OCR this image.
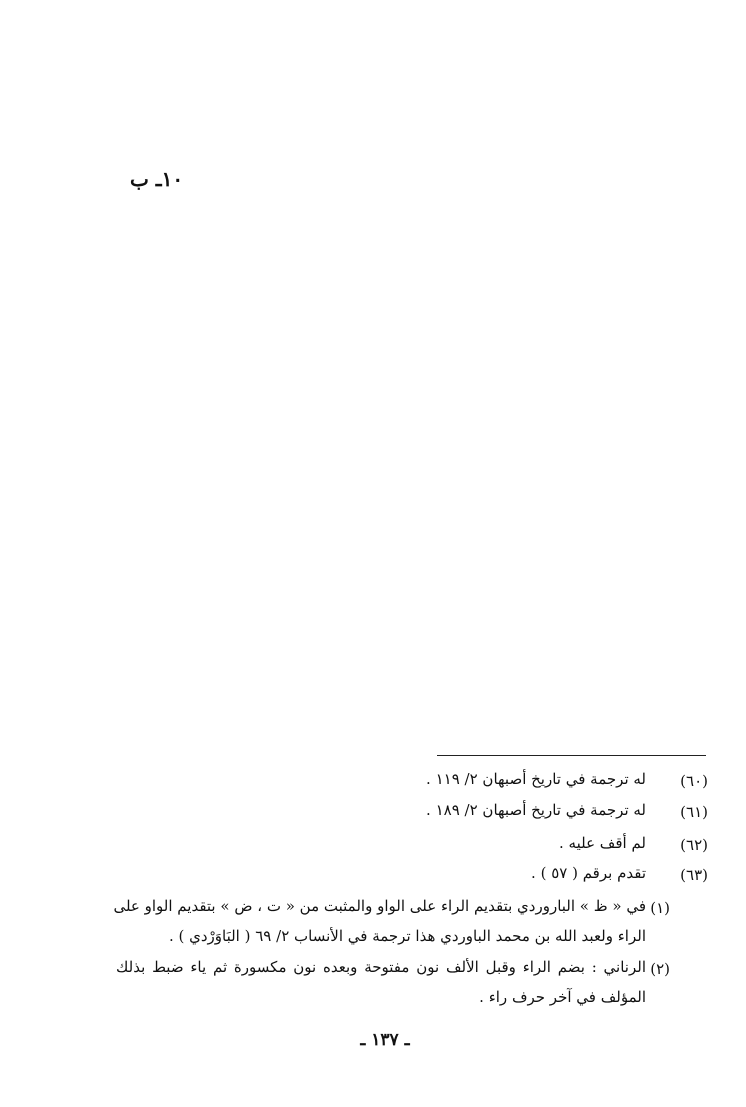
١٠ـ ب
(٦٠)
له ترجمة في تاريخ أصبهان ٢/ ١١٩ .
(٦١)
له ترجمة في تاريخ أصبهان ٢/ ١٨٩ .
(٦٢)
لم أقف عليه .
(٦٣)
تقدم برقم ( ٥٧ ) .
(١)
في « ظ » الباروردي بتقديم الراء على الواو والمثبت من « ت ، ض » بتقديم الواو على
الراء ولعبد الله بن محمد الباوردي هذا ترجمة في الأنساب ٢/ ٦٩ ( البَاوَرْدي ) .
(٢)
الرناني : بضم الراء وقبل الألف نون مفتوحة وبعده نون مكسورة ثم ياء ضبط بذلك
المؤلف في آخر حرف راء .
ـ ١٣٧ ـ
